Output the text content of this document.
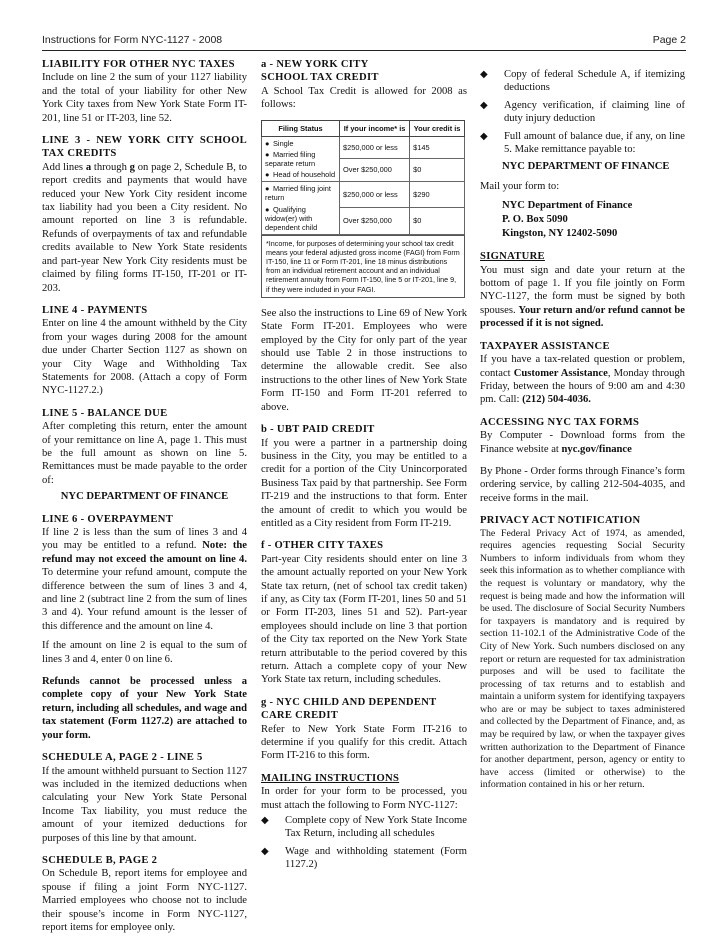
Instructions for Form NYC-1127 - 2008	Page 2
LIABILITY FOR OTHER NYC TAXES

Include on line 2 the sum of your 1127 liability and the total of your liability for other New York City taxes from New York State Form IT-201, line 51 or IT-203, line 52.

LINE 3 - NEW YORK CITY SCHOOL TAX CREDITS

Add lines a through g on page 2, Schedule B, to report credits and payments that would have reduced your New York City resident income tax liability had you been a City resident. No amount reported on line 3 is refundable. Refunds of overpayments of tax and refundable credits available to New York State residents and part-year New York City residents must be claimed by filing forms IT-150, IT-201 or IT-203.

LINE 4 - PAYMENTS

Enter on line 4 the amount withheld by the City from your wages during 2008 for the amount due under Charter Section 1127 as shown on your City Wage and Withholding Tax Statements for 2008. (Attach a copy of Form NYC-1127.2.)

LINE 5 - BALANCE DUE

After completing this return, enter the amount of your remittance on line A, page 1. This must be the full amount as shown on line 5. Remittances must be made payable to the order of:

NYC DEPARTMENT OF FINANCE

LINE 6 - OVERPAYMENT

If line 2 is less than the sum of lines 3 and 4 you may be entitled to a refund. Note: the refund may not exceed the amount on line 4. To determine your refund amount, compute the difference between the sum of lines 3 and 4, and line 2 (subtract line 2 from the sum of lines 3 and 4). Your refund amount is the lesser of this difference and the amount on line 4.

If the amount on line 2 is equal to the sum of lines 3 and 4, enter 0 on line 6.

Refunds cannot be processed unless a complete copy of your New York State return, including all schedules, and wage and tax statement (Form 1127.2) are attached to your form.

SCHEDULE A, PAGE 2 - LINE 5

If the amount withheld pursuant to Section 1127 was included in the itemized deductions when calculating your New York State Personal Income Tax liability, you must reduce the amount of your itemized deductions for purposes of this line by that amount.

SCHEDULE B, PAGE 2

On Schedule B, report items for employee and spouse if filing a joint Form NYC-1127. Married employees who choose not to include their spouse’s income in Form NYC-1127, report items for employee only.

a - NEW YORK CITY
SCHOOL TAX CREDIT

A School Tax Credit is allowed for 2008 as follows:

Filing Status	If your income* is	Your credit is

● Single
● Married filing separate return
● Head of household	$250,000 or less	$145
	Over $250,000	$0

● Married filing joint return
● Qualifying widow(er) with dependent child	$250,000 or less	$290
	Over $250,000	$0
*Income, for purposes of determining your school tax credit means your federal adjusted gross income (FAGI) from Form IT-150, line 11 or Form IT-201, line 18 minus distributions from an individual retirement account and an individual retirement annuity from Form IT-150, line 5 or IT-201, line 9, if they were included in your FAGI.

See also the instructions to Line 69 of New York State Form IT-201. Employees who were employed by the City for only part of the year should use Table 2 in those instructions to determine the allowable credit. See also instructions to the other lines of New York State Form IT-150 and Form IT-201 referred to above.

b - UBT PAID CREDIT

If you were a partner in a partnership doing business in the City, you may be entitled to a credit for a portion of the City Unincorporated Business Tax paid by that partnership. See Form IT-219 and the instructions to that form. Enter the amount of credit to which you would be entitled as a City resident from Form IT-219.

f - OTHER CITY TAXES

Part-year City residents should enter on line 3 the amount actually reported on your New York State tax return, (net of school tax credit taken) if any, as City tax (Form IT-201, lines 50 and 51 or Form IT-203, lines 51 and 52). Part-year employees should include on line 3 that portion of the City tax reported on the New York State return attributable to the period covered by this return. Attach a complete copy of your New York State tax return, including schedules.

g - NYC CHILD AND DEPENDENT
CARE CREDIT

Refer to New York State Form IT-216 to determine if you qualify for this credit. Attach Form IT-216 to this form.

MAILING INSTRUCTIONS

In order for your form to be processed, you must attach the following to Form NYC-1127:

◆ Complete copy of New York State Income Tax Return, including all schedules
◆ Wage and withholding statement (Form 1127.2)
◆ Copy of federal Schedule A, if itemizing deductions
◆ Agency verification, if claiming line of duty injury deduction
◆ Full amount of balance due, if any, on line 5. Make remittance payable to:

NYC DEPARTMENT OF FINANCE

Mail your form to:

NYC Department of Finance
P. O. Box 5090
Kingston, NY 12402-5090
SIGNATURE

You must sign and date your return at the bottom of page 1. If you file jointly on Form NYC-1127, the form must be signed by both spouses. Your return and/or refund cannot be processed if it is not signed.

TAXPAYER ASSISTANCE

If you have a tax-related question or problem, contact Customer Assistance, Monday through Friday, between the hours of 9:00 am and 4:30 pm. Call: (212) 504-4036.

ACCESSING NYC TAX FORMS

By Computer - Download forms from the Finance website at nyc.gov/finance

By Phone - Order forms through Finance’s form ordering service, by calling 212-504-4035, and receive forms in the mail.

PRIVACY ACT NOTIFICATION

The Federal Privacy Act of 1974, as amended, requires agencies requesting Social Security Numbers to inform individuals from whom they seek this information as to whether compliance with the request is voluntary or mandatory, why the request is being made and how the information will be used. The disclosure of Social Security Numbers for taxpayers is mandatory and is required by section 11-102.1 of the Administrative Code of the City of New York. Such numbers disclosed on any report or return are requested for tax administration purposes and will be used to facilitate the processing of tax returns and to establish and maintain a uniform system for identifying taxpayers who are or may be subject to taxes administered and collected by the Department of Finance, and, as may be required by law, or when the taxpayer gives written authorization to the Department of Finance for another department, person, agency or entity to have access (limited or otherwise) to the information contained in his or her return.
